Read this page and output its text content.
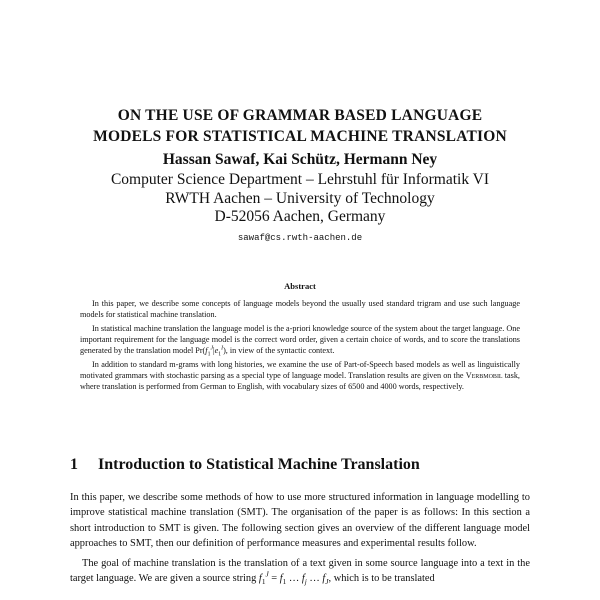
ON THE USE OF GRAMMAR BASED LANGUAGE
MODELS FOR STATISTICAL MACHINE TRANSLATION
Hassan Sawaf, Kai Schütz, Hermann Ney
Computer Science Department – Lehrstuhl für Informatik VI
RWTH Aachen – University of Technology
D-52056 Aachen, Germany
sawaf@cs.rwth-aachen.de
Abstract

In this paper, we describe some concepts of language models beyond the usually used standard trigram and use such language models for statistical machine translation.

In statistical machine translation the language model is the a-priori knowledge source of the system about the target language. One important requirement for the language model is the correct word order, given a certain choice of words, and to score the translations generated by the translation model $Pr(f_1^J|e_1^I)$, in view of the syntactic context.

In addition to standard m-grams with long histories, we examine the use of Part-of-Speech based models as well as linguistically motivated grammars with stochastic parsing as a special type of language model. Translation results are given on the Verbmobil task, where translation is performed from German to English, with vocabulary sizes of 6500 and 4000 words, respectively.

1 Introduction to Statistical Machine Translation

In this paper, we describe some methods of how to use more structured information in language modelling to improve statistical machine translation (SMT). The organisation of the paper is as follows: In this section a short introduction to SMT is given. The following section gives an overview of the different language model approaches to SMT, then our definition of performance measures and experimental results follow.

The goal of machine translation is the translation of a text given in some source language into a text in the target language. We are given a source string $f_1^J = f_1$ … $f_j$ … $f_J$, which is to be translated
